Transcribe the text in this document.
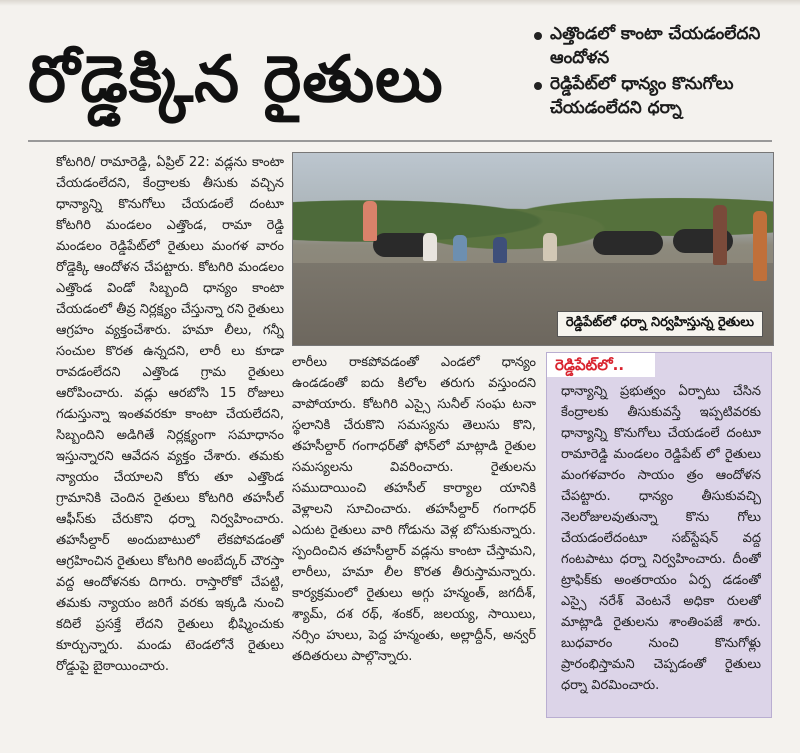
రోడ్డెక్కిన రైతులు
ఎత్తొండలో కాంటా చేయడంలేదని ఆందోళన
రెడ్డిపేట్‌లో ధాన్యం కొనుగోలు చేయడంలేదని ధర్నా
కోటగిరి/ రామారెడ్డి, ఏప్రిల్ 22: వడ్లను కాంటా చేయడంలేదని, కేంద్రాలకు తీసుకు వచ్చిన ధాన్యాన్ని కొనుగోలు చేయడంలే దంటూ కోటగిరి మండలం ఎత్తొండ, రామా రెడ్డి మండలం రెడ్డిపేట్‌లో రైతులు మంగళ వారం రోడ్డెక్కి ఆందోళన చేపట్టారు. కోటగిరి మండలం ఎత్తొండ విండో సిబ్బంది ధాన్యం కాంటా చేయడంలో తీవ్ర నిర్లక్ష్యం చేస్తున్నా రని రైతులు ఆగ్రహం వ్యక్తంచేశారు. హమా లీలు, గన్నీ సంచుల కొరత ఉన్నదని, లారీ లు కూడా రావడంలేదని ఎత్తొండ గ్రామ రైతులు ఆరోపించారు. వడ్లు ఆరబోసి 15 రోజులు గడుస్తున్నా ఇంతవరకూ కాంటా చేయలేదని, సిబ్బందిని అడిగితే నిర్లక్ష్యంగా సమాధానం ఇస్తున్నారని ఆవేదన వ్యక్తం చేశారు. తమకు న్యాయం చేయాలని కోరు తూ ఎత్తొండ గ్రామానికి చెందిన రైతులు కోటగిరి తహసీల్ ఆఫీస్‌కు చేరుకొని ధర్నా నిర్వహించారు. తహసీల్దార్ అందుబాటులో లేకపోవడంతో ఆగ్రహించిన రైతులు కోటగిరి అంబేద్కర్ చౌరస్తా వద్ద ఆందోళనకు దిగారు. రాస్తారోకో చేపట్టి, తమకు న్యాయం జరిగే వరకు ఇక్కడి నుంచి కదిలే ప్రసక్తే లేదని రైతులు భీష్మించుకు కూర్చున్నారు. మండు టెండలోనే రైతులు రోడ్డుపై బైఠాయించారు.
రెడ్డిపేట్‌లో ధర్నా నిర్వహిస్తున్న రైతులు
లారీలు రాకపోవడంతో ఎండలో ధాన్యం ఉండడంతో ఐదు కిలోల తరుగు వస్తుందని వాపోయారు. కోటగిరి ఎస్సై సునీల్ సంఘ టనా స్థలానికి చేరుకొని సమస్యను తెలుసు కొని, తహసీల్దార్ గంగాధర్‌తో ఫోన్‌లో మాట్లాడి రైతుల సమస్యలను వివరించారు. రైతులను సముదాయించి తహసీల్ కార్యాల యానికి వెళ్లాలని సూచించారు. తహసీల్దార్ గంగాధర్ ఎదుట రైతులు వారి గోడును వెళ్ల బోసుకున్నారు. స్పందించిన తహసీల్దార్ వడ్లను కాంటా చేస్తామని, లారీలు, హమా లీల కొరత తీరుస్తామన్నారు. కార్యక్రమంలో రైతులు అగ్గు హన్మంత్, జగదీశ్, శ్యామ్, దశ రథ్, శంకర్, జలయ్య, సాయిలు, నర్సిం హులు, పెద్ద హన్మంతు, అల్లాద్దీన్, అన్వర్ తదితరులు పాల్గొన్నారు.
రెడ్డిపేట్‌లో..
ధాన్యాన్ని ప్రభుత్వం ఏర్పాటు చేసిన కేంద్రాలకు తీసుకువస్తే ఇప్పటివరకు ధాన్యాన్ని కొనుగోలు చేయడంలే దంటూ రామారెడ్డి మండలం రెడ్డిపేట్ లో రైతులు మంగళవారం సాయం త్రం ఆందోళన చేపట్టారు. ధాన్యం తీసుకువచ్చి నెలరోజులవుతున్నా కొను గోలు చేయడంలేదంటూ సబ్‌స్టేషన్ వద్ద గంటపాటు ధర్నా నిర్వహించారు. దీంతో ట్రాఫిక్‌కు అంతరాయం ఏర్ప డడంతో ఎస్సై నరేశ్ వెంటనే అధికా రులతో మాట్లాడి రైతులను శాంతింపజే శారు. బుధవారం నుంచి కొనుగోళ్లు ప్రారంభిస్తామని చెప్పడంతో రైతులు ధర్నా విరమించారు.
